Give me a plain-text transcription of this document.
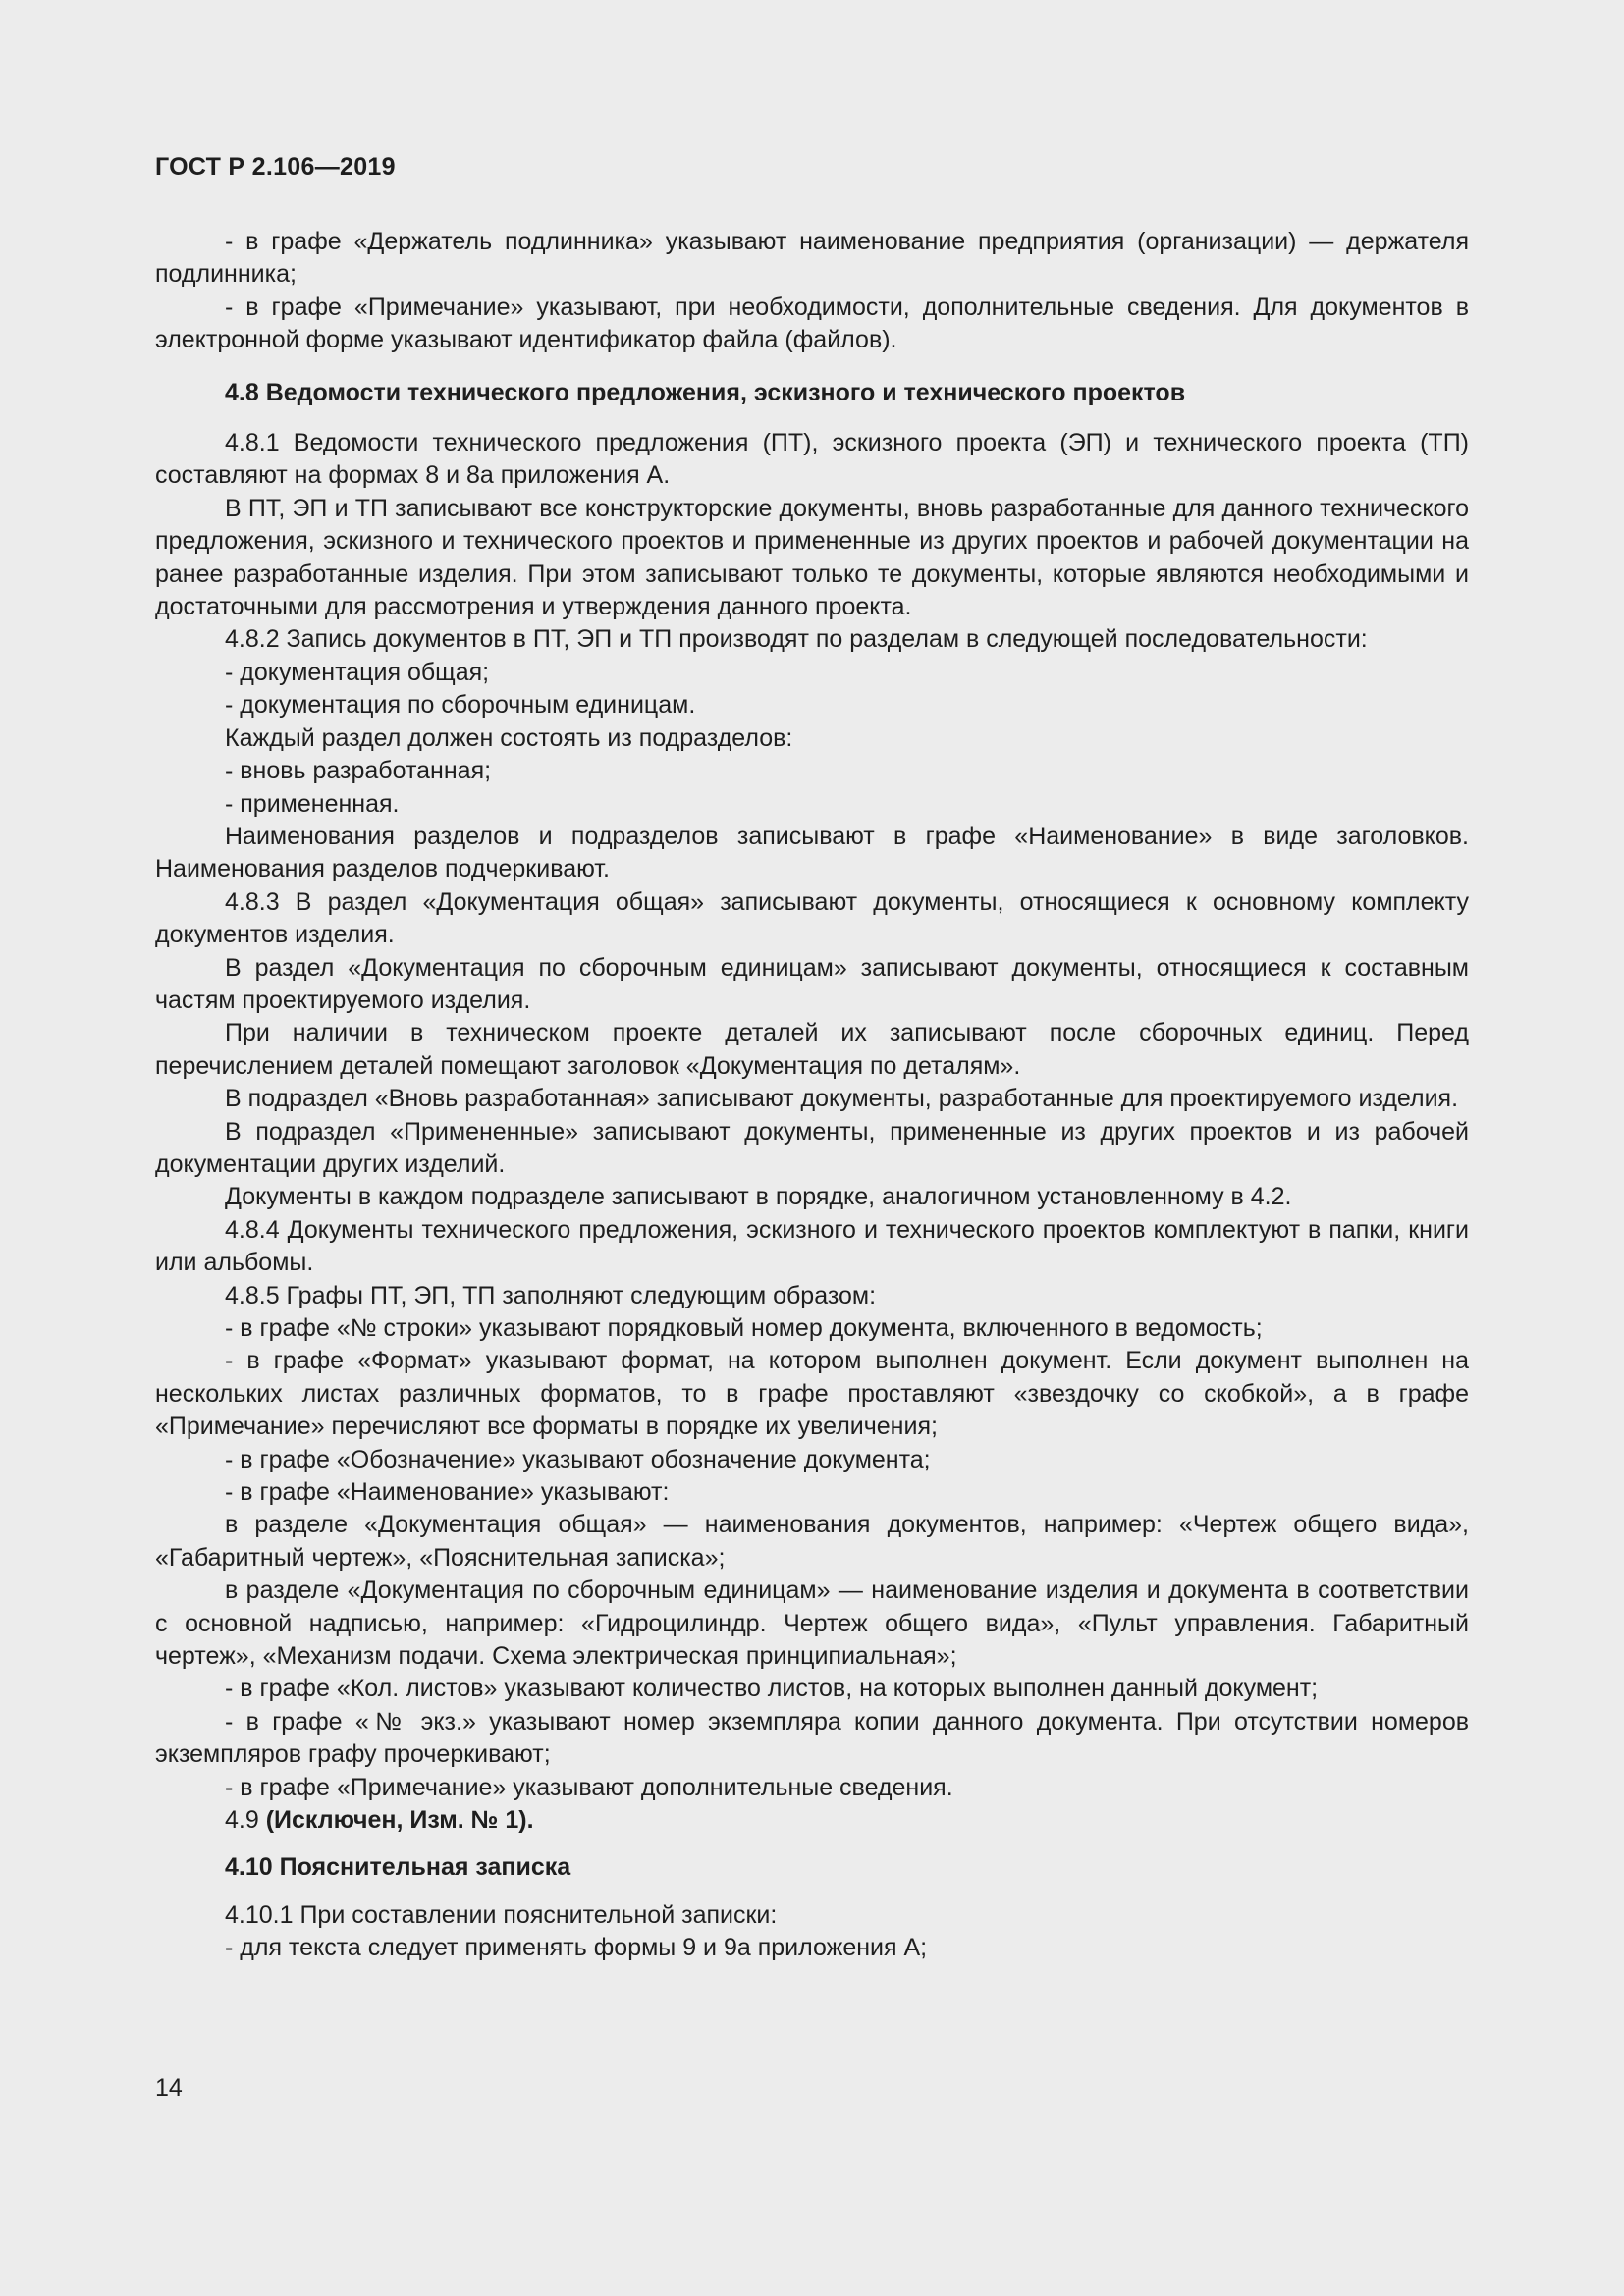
ГОСТ Р 2.106—2019

- в графе «Держатель подлинника» указывают наименование предприятия (организации) — держателя подлинника;

- в графе «Примечание» указывают, при необходимости, дополнительные сведения. Для документов в электронной форме указывают идентификатор файла (файлов).

4.8 Ведомости технического предложения, эскизного и технического проектов

4.8.1 Ведомости технического предложения (ПТ), эскизного проекта (ЭП) и технического проекта (ТП) составляют на формах 8 и 8а приложения А.

В ПТ, ЭП и ТП записывают все конструкторские документы, вновь разработанные для данного технического предложения, эскизного и технического проектов и примененные из других проектов и рабочей документации на ранее разработанные изделия. При этом записывают только те документы, которые являются необходимыми и достаточными для рассмотрения и утверждения данного проекта.

4.8.2 Запись документов в ПТ, ЭП и ТП производят по разделам в следующей последовательности:

- документация общая;

- документация по сборочным единицам.

Каждый раздел должен состоять из подразделов:

- вновь разработанная;

- примененная.

Наименования разделов и подразделов записывают в графе «Наименование» в виде заголовков. Наименования разделов подчеркивают.

4.8.3 В раздел «Документация общая» записывают документы, относящиеся к основному комплекту документов изделия.

В раздел «Документация по сборочным единицам» записывают документы, относящиеся к составным частям проектируемого изделия.

При наличии в техническом проекте деталей их записывают после сборочных единиц. Перед перечислением деталей помещают заголовок «Документация по деталям».

В подраздел «Вновь разработанная» записывают документы, разработанные для проектируемого изделия.

В подраздел «Примененные» записывают документы, примененные из других проектов и из рабочей документации других изделий.

Документы в каждом подразделе записывают в порядке, аналогичном установленному в 4.2.

4.8.4 Документы технического предложения, эскизного и технического проектов комплектуют в папки, книги или альбомы.

4.8.5 Графы ПТ, ЭП, ТП заполняют следующим образом:

- в графе «№ строки» указывают порядковый номер документа, включенного в ведомость;

- в графе «Формат» указывают формат, на котором выполнен документ. Если документ выполнен на нескольких листах различных форматов, то в графе проставляют «звездочку со скобкой», а в графе «Примечание» перечисляют все форматы в порядке их увеличения;

- в графе «Обозначение» указывают обозначение документа;

- в графе «Наименование» указывают:

в разделе «Документация общая» — наименования документов, например: «Чертеж общего вида», «Габаритный чертеж», «Пояснительная записка»;

в разделе «Документация по сборочным единицам» — наименование изделия и документа в соответствии с основной надписью, например: «Гидроцилиндр. Чертеж общего вида», «Пульт управления. Габаритный чертеж», «Механизм подачи. Схема электрическая принципиальная»;

- в графе «Кол. листов» указывают количество листов, на которых выполнен данный документ;

- в графе «№ экз.» указывают номер экземпляра копии данного документа. При отсутствии номеров экземпляров графу прочеркивают;

- в графе «Примечание» указывают дополнительные сведения.

4.9 (Исключен, Изм. № 1).

4.10 Пояснительная записка

4.10.1 При составлении пояснительной записки:

- для текста следует применять формы 9 и 9а приложения А;

14
